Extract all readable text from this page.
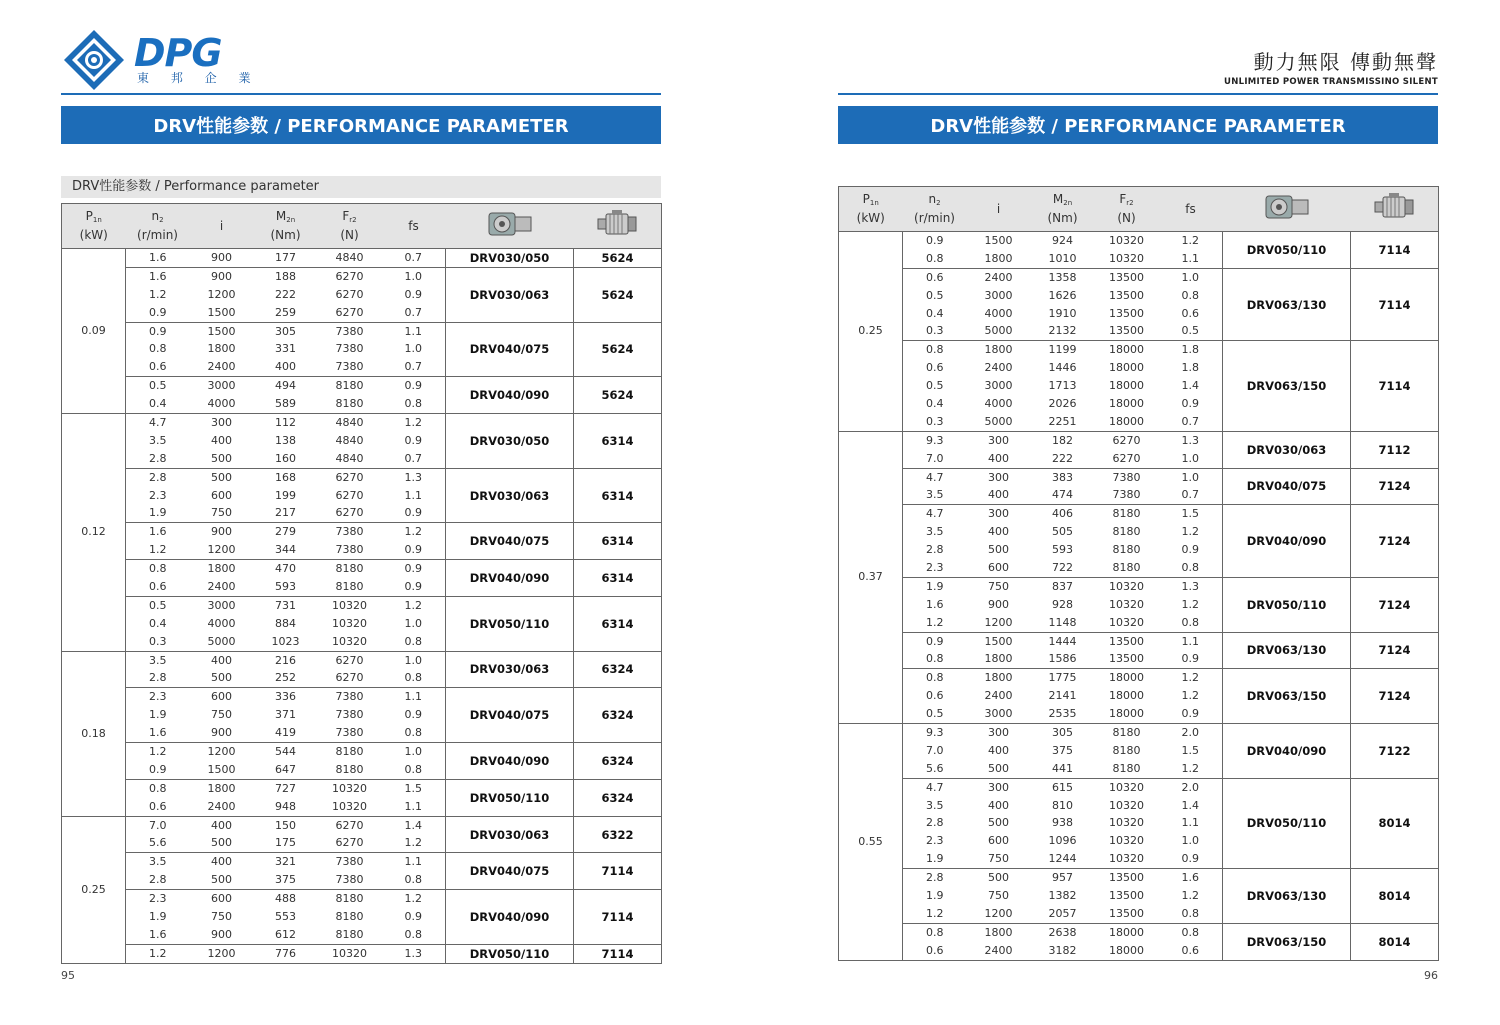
DPG
東 邦 企 業
DRV性能参数 / PERFORMANCE PARAMETER
DRV性能参数 / Performance parameter
$P_{1n}$
(kW)	$n_2$
(r/min)	i	$M_{2n}$
(Nm)	$F_{r2}$
(N)	fs		
0.09	1.6	900	177	4840	0.7	DRV030/050	5624
	1.6	900	188	6270	1.0	DRV030/063	5624
	1.2	1200	222	6270	0.9		
	0.9	1500	259	6270	0.7		
	0.9	1500	305	7380	1.1	DRV040/075	5624
	0.8	1800	331	7380	1.0		
	0.6	2400	400	7380	0.7		
	0.5	3000	494	8180	0.9	DRV040/090	5624
	0.4	4000	589	8180	0.8		
0.12	4.7	300	112	4840	1.2	DRV030/050	6314
	3.5	400	138	4840	0.9		
	2.8	500	160	4840	0.7		
	2.8	500	168	6270	1.3	DRV030/063	6314
	2.3	600	199	6270	1.1		
	1.9	750	217	6270	0.9		
	1.6	900	279	7380	1.2	DRV040/075	6314
	1.2	1200	344	7380	0.9		
	0.8	1800	470	8180	0.9	DRV040/090	6314
	0.6	2400	593	8180	0.9		
	0.5	3000	731	10320	1.2	DRV050/110	6314
	0.4	4000	884	10320	1.0		
	0.3	5000	1023	10320	0.8		
0.18	3.5	400	216	6270	1.0	DRV030/063	6324
	2.8	500	252	6270	0.8		
	2.3	600	336	7380	1.1	DRV040/075	6324
	1.9	750	371	7380	0.9		
	1.6	900	419	7380	0.8		
	1.2	1200	544	8180	1.0	DRV040/090	6324
	0.9	1500	647	8180	0.8		
	0.8	1800	727	10320	1.5	DRV050/110	6324
	0.6	2400	948	10320	1.1		
0.25	7.0	400	150	6270	1.4	DRV030/063	6322
	5.6	500	175	6270	1.2		
	3.5	400	321	7380	1.1	DRV040/075	7114
	2.8	500	375	7380	0.8		
	2.3	600	488	8180	1.2	DRV040/090	7114
	1.9	750	553	8180	0.9		
	1.6	900	612	8180	0.8		
	1.2	1200	776	10320	1.3	DRV050/110	7114
95
動力無限 傳動無聲
UNLIMITED POWER TRANSMISSINO SILENT
DRV性能参数 / PERFORMANCE PARAMETER
$P_{1n}$
(kW)	$n_2$
(r/min)	i	$M_{2n}$
(Nm)	$F_{r2}$
(N)	fs		
0.25	0.9	1500	924	10320	1.2	DRV050/110	7114
	0.8	1800	1010	10320	1.1		
	0.6	2400	1358	13500	1.0	DRV063/130	7114
	0.5	3000	1626	13500	0.8		
	0.4	4000	1910	13500	0.6		
	0.3	5000	2132	13500	0.5		
	0.8	1800	1199	18000	1.8	DRV063/150	7114
	0.6	2400	1446	18000	1.8		
	0.5	3000	1713	18000	1.4		
	0.4	4000	2026	18000	0.9		
	0.3	5000	2251	18000	0.7		
0.37	9.3	300	182	6270	1.3	DRV030/063	7112
	7.0	400	222	6270	1.0		
	4.7	300	383	7380	1.0	DRV040/075	7124
	3.5	400	474	7380	0.7		
	4.7	300	406	8180	1.5	DRV040/090	7124
	3.5	400	505	8180	1.2		
	2.8	500	593	8180	0.9		
	2.3	600	722	8180	0.8		
	1.9	750	837	10320	1.3	DRV050/110	7124
	1.6	900	928	10320	1.2		
	1.2	1200	1148	10320	0.8		
	0.9	1500	1444	13500	1.1	DRV063/130	7124
	0.8	1800	1586	13500	0.9		
	0.8	1800	1775	18000	1.2	DRV063/150	7124
	0.6	2400	2141	18000	1.2		
	0.5	3000	2535	18000	0.9		
0.55	9.3	300	305	8180	2.0	DRV040/090	7122
	7.0	400	375	8180	1.5		
	5.6	500	441	8180	1.2		
	4.7	300	615	10320	2.0	DRV050/110	8014
	3.5	400	810	10320	1.4		
	2.8	500	938	10320	1.1		
	2.3	600	1096	10320	1.0		
	1.9	750	1244	10320	0.9		
	2.8	500	957	13500	1.6	DRV063/130	8014
	1.9	750	1382	13500	1.2		
	1.2	1200	2057	13500	0.8		
	0.8	1800	2638	18000	0.8	DRV063/150	8014
	0.6	2400	3182	18000	0.6		
96
